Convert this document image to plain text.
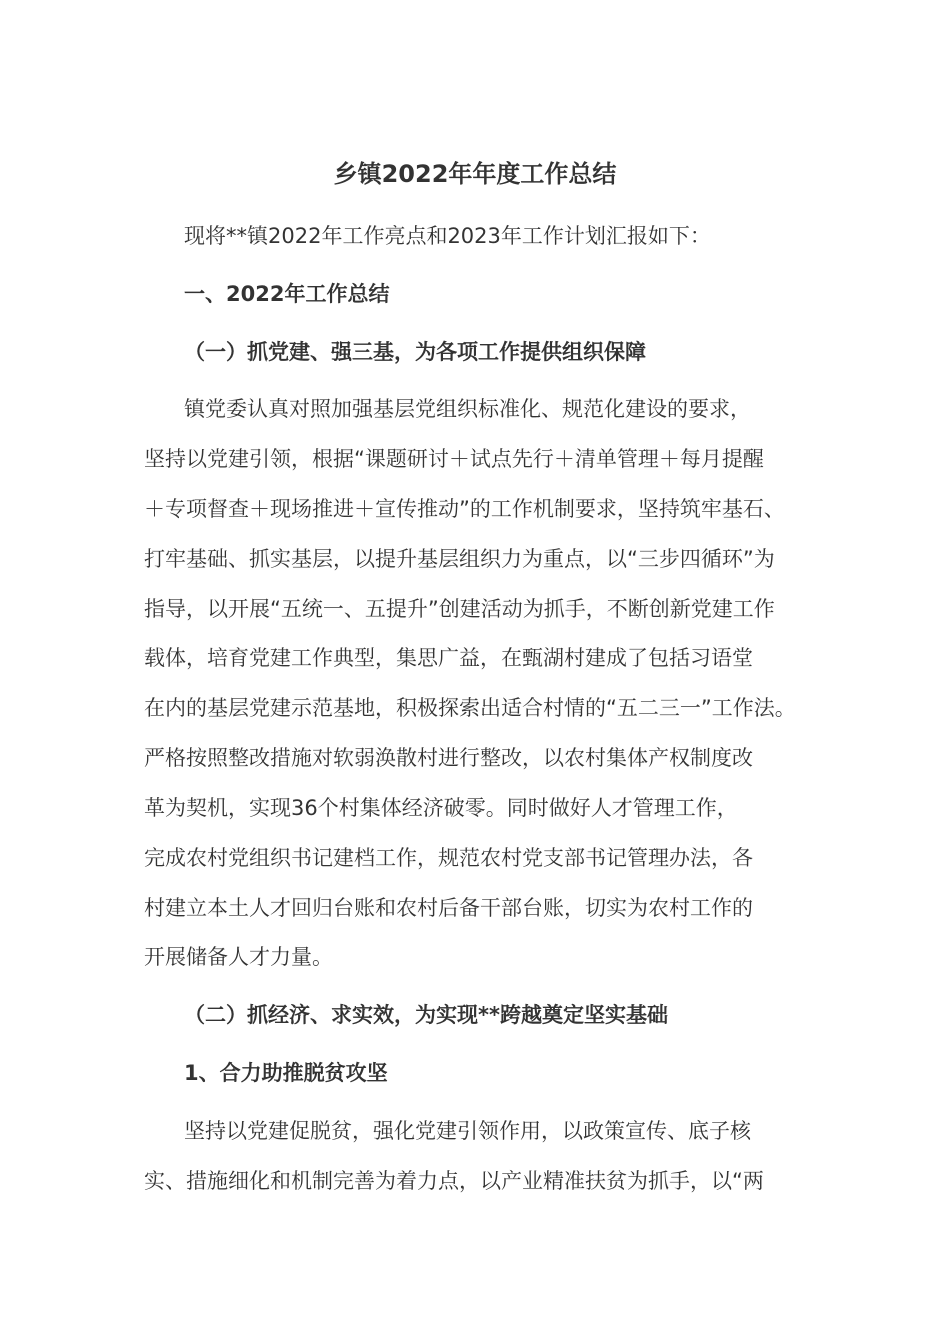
乡镇2022年年度工作总结
现将**镇2022年工作亮点和2023年工作计划汇报如下：
一、2022年工作总结
（一）抓党建、强三基，为各项工作提供组织保障
镇党委认真对照加强基层党组织标准化、规范化建设的要求，
坚持以党建引领，根据“课题研讨＋试点先行＋清单管理＋每月提醒
＋专项督查＋现场推进＋宣传推动”的工作机制要求，坚持筑牢基石、
打牢基础、抓实基层，以提升基层组织力为重点，以“三步四循环”为
指导，以开展“五统一、五提升”创建活动为抓手，不断创新党建工作
载体，培育党建工作典型，集思广益，在甄湖村建成了包括习语堂
在内的基层党建示范基地，积极探索出适合村情的“五二三一”工作法。
严格按照整改措施对软弱涣散村进行整改，以农村集体产权制度改
革为契机，实现36个村集体经济破零。同时做好人才管理工作，
完成农村党组织书记建档工作，规范农村党支部书记管理办法，各
村建立本土人才回归台账和农村后备干部台账，切实为农村工作的
开展储备人才力量。
（二）抓经济、求实效，为实现**跨越奠定坚实基础
1、合力助推脱贫攻坚
坚持以党建促脱贫，强化党建引领作用，以政策宣传、底子核
实、措施细化和机制完善为着力点，以产业精准扶贫为抓手，以“两
